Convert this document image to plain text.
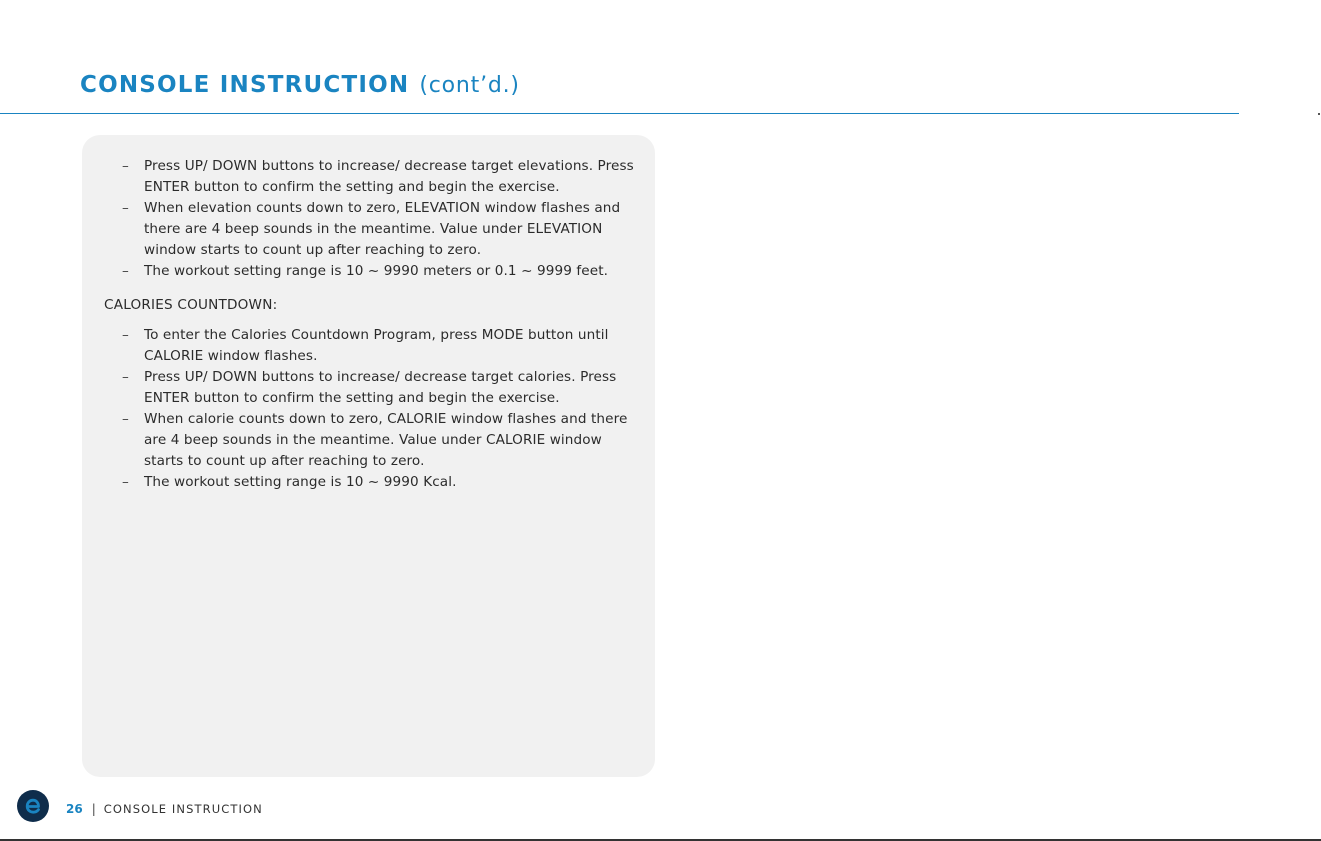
CONSOLE INSTRUCTION (cont’d.)
– Press UP/ DOWN buttons to increase/ decrease target elevations. Press ENTER button to confirm the setting and begin the exercise.
– When elevation counts down to zero, ELEVATION window flashes and there are 4 beep sounds in the meantime. Value under ELEVATION window starts to count up after reaching to zero.
– The workout setting range is 10 ~ 9990 meters or 0.1 ~ 9999 feet.
CALORIES COUNTDOWN:
– To enter the Calories Countdown Program, press MODE button until CALORIE window flashes.
– Press UP/ DOWN buttons to increase/ decrease target calories. Press ENTER button to confirm the setting and begin the exercise.
– When calorie counts down to zero, CALORIE window flashes and there are 4 beep sounds in the meantime. Value under CALORIE window starts to count up after reaching to zero.
– The workout setting range is 10 ~ 9990 Kcal.
26 | CONSOLE INSTRUCTION
